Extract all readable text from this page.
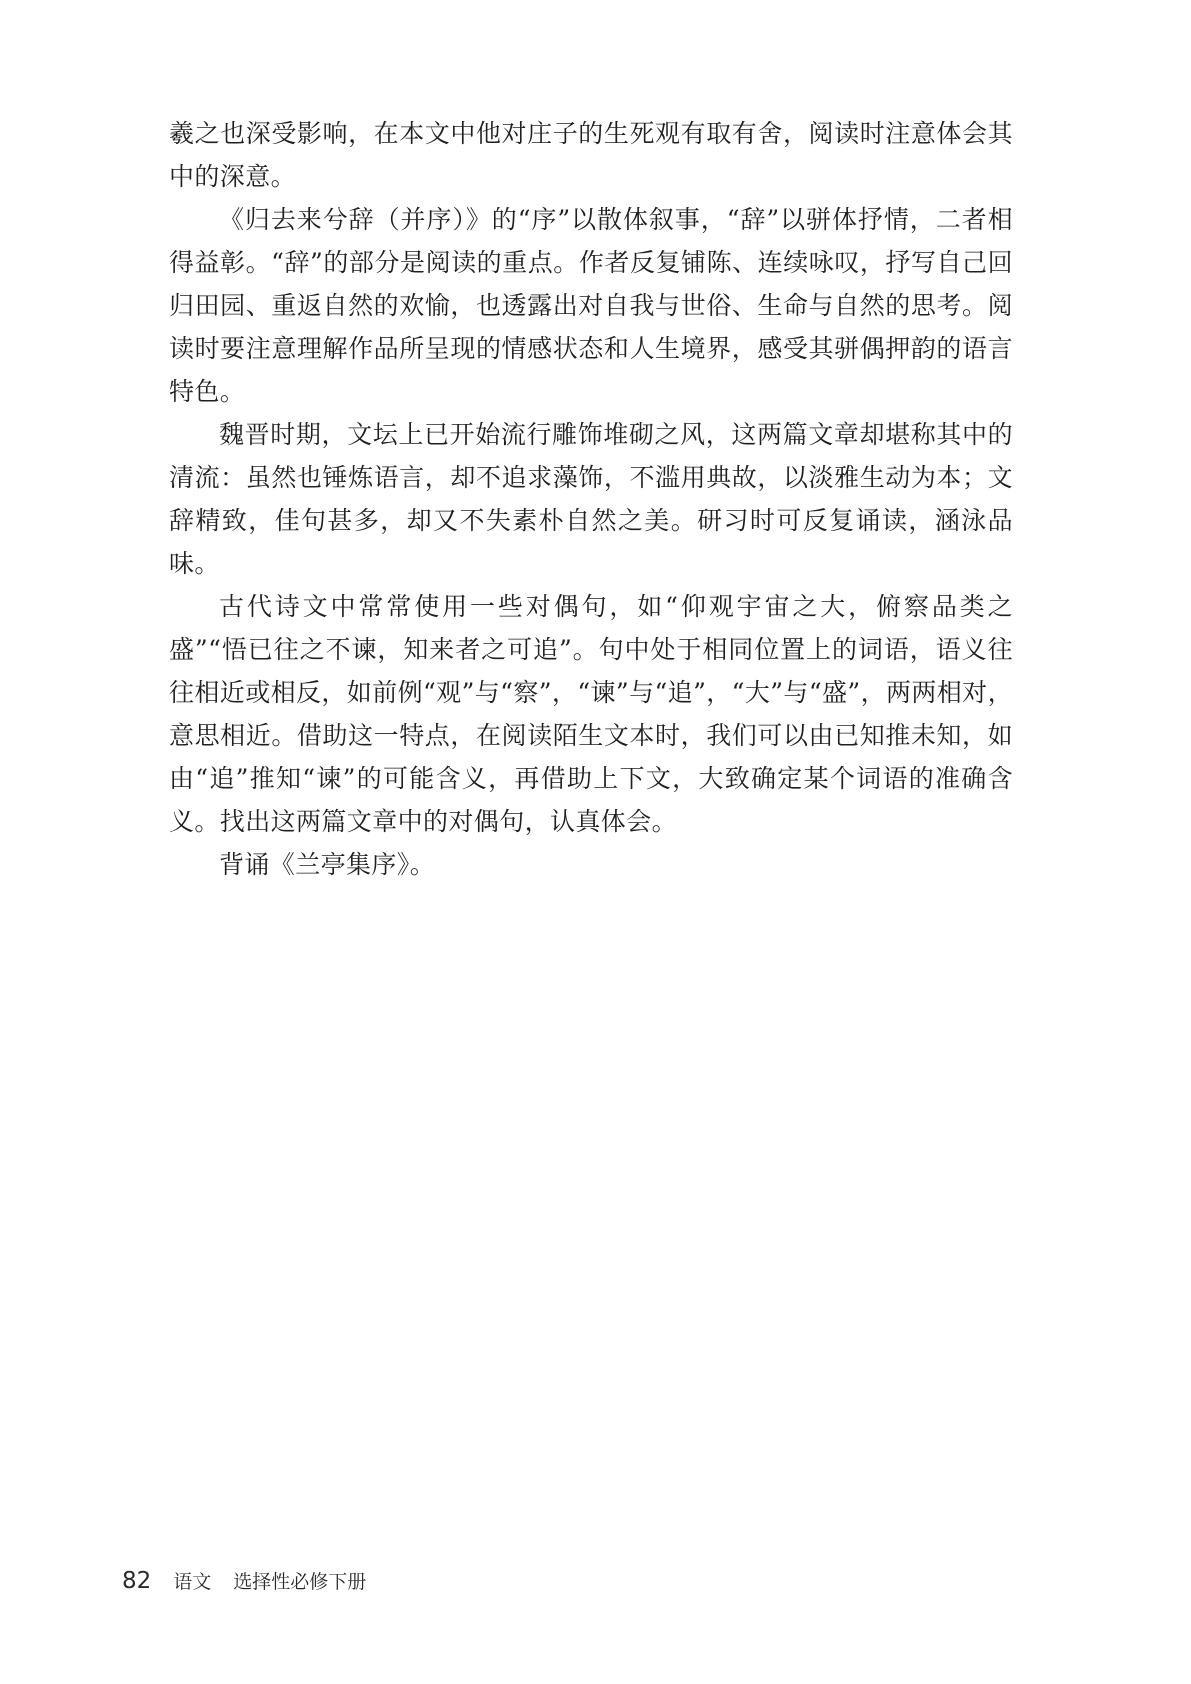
羲之也深受影响，在本文中他对庄子的生死观有取有舍，阅读时注意体会其中的深意。

《归去来兮辞（并序）》的“序”以散体叙事，“辞”以骈体抒情，二者相得益彰。“辞”的部分是阅读的重点。作者反复铺陈、连续咏叹，抒写自己回归田园、重返自然的欢愉，也透露出对自我与世俗、生命与自然的思考。阅读时要注意理解作品所呈现的情感状态和人生境界，感受其骈偶押韵的语言特色。

魏晋时期，文坛上已开始流行雕饰堆砌之风，这两篇文章却堪称其中的清流：虽然也锤炼语言，却不追求藻饰，不滥用典故，以淡雅生动为本；文辞精致，佳句甚多，却又不失素朴自然之美。研习时可反复诵读，涵泳品味。

古代诗文中常常使用一些对偶句，如“仰观宇宙之大，俯察品类之盛”“悟已往之不谏，知来者之可追”。句中处于相同位置上的词语，语义往往相近或相反，如前例“观”与“察”，“谏”与“追”，“大”与“盛”，两两相对，意思相近。借助这一特点，在阅读陌生文本时，我们可以由已知推未知，如由“追”推知“谏”的可能含义，再借助上下文，大致确定某个词语的准确含义。找出这两篇文章中的对偶句，认真体会。

背诵《兰亭集序》。

82 语文 选择性必修下册
